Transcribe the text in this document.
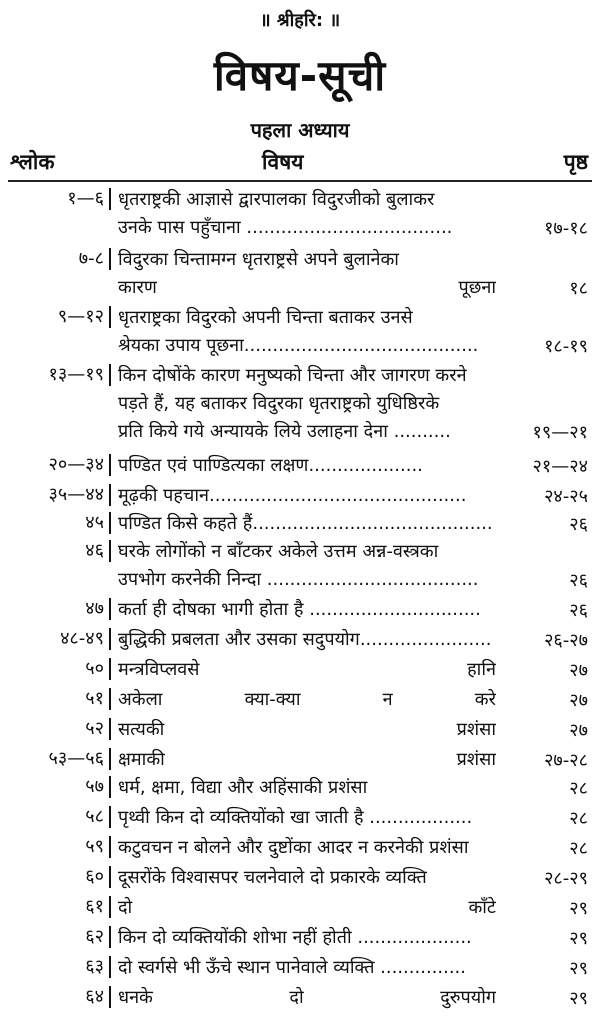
॥ श्रीहरि: ॥
विषय-सूची
पहला अध्याय
श्लोक	विषय	पृष्ठ
१—६ धृतराष्ट्रकी आज्ञासे द्वारपालका विदुरजीको बुलाकर
उनके पास पहुँचाना ....................................	१७-१८
७-८ विदुरका चिन्तामग्न धृतराष्ट्रसे अपने बुलानेका
कारण पूछना	१८
९—१२ धृतराष्ट्रका विदुरको अपनी चिन्ता बताकर उनसे
श्रेयका उपाय पूछना.........................................	१८-१९
१३—१९ किन दोषोंके कारण मनुष्यको चिन्ता और जागरण करने
पड़ते हैं, यह बताकर विदुरका धृतराष्ट्रको युधिष्ठिरके
प्रति किये गये अन्यायके लिये उलाहना देना ..........	१९—२१
२०—३४ पण्डित एवं पाण्डित्यका लक्षण....................	२१—२४
३५—४४ मूढ़की पहचान.............................................	२४-२५
४५ पण्डित किसे कहते हैं..........................................	२६
४६ घरके लोगोंको न बाँटकर अकेले उत्तम अन्न-वस्त्रका
उपभोग करनेकी निन्दा .....................................	२६
४७ कर्ता ही दोषका भागी होता है ..............................	२६
४८-४९ बुद्धिकी प्रबलता और उसका सदुपयोग.......................	२६-२७
५० मन्त्रविप्लवसे हानि	२७
५१ अकेला क्या-क्या न करे	२७
५२ सत्यकी प्रशंसा	२७
५३—५६ क्षमाकी प्रशंसा	२७-२८
५७ धर्म, क्षमा, विद्या और अहिंसाकी प्रशंसा	२८
५८ पृथ्वी किन दो व्यक्तियोंको खा जाती है ..................	२८
५९ कटुवचन न बोलने और दुष्टोंका आदर न करनेकी प्रशंसा	२८
६० दूसरोंके विश्वासपर चलनेवाले दो प्रकारके व्यक्ति	२८-२९
६१ दो काँटे	२९
६२ किन दो व्यक्तियोंकी शोभा नहीं होती ....................	२९
६३ दो स्वर्गसे भी ऊँचे स्थान पानेवाले व्यक्ति ...............	२९
६४ धनके दो दुरुपयोग	२९
